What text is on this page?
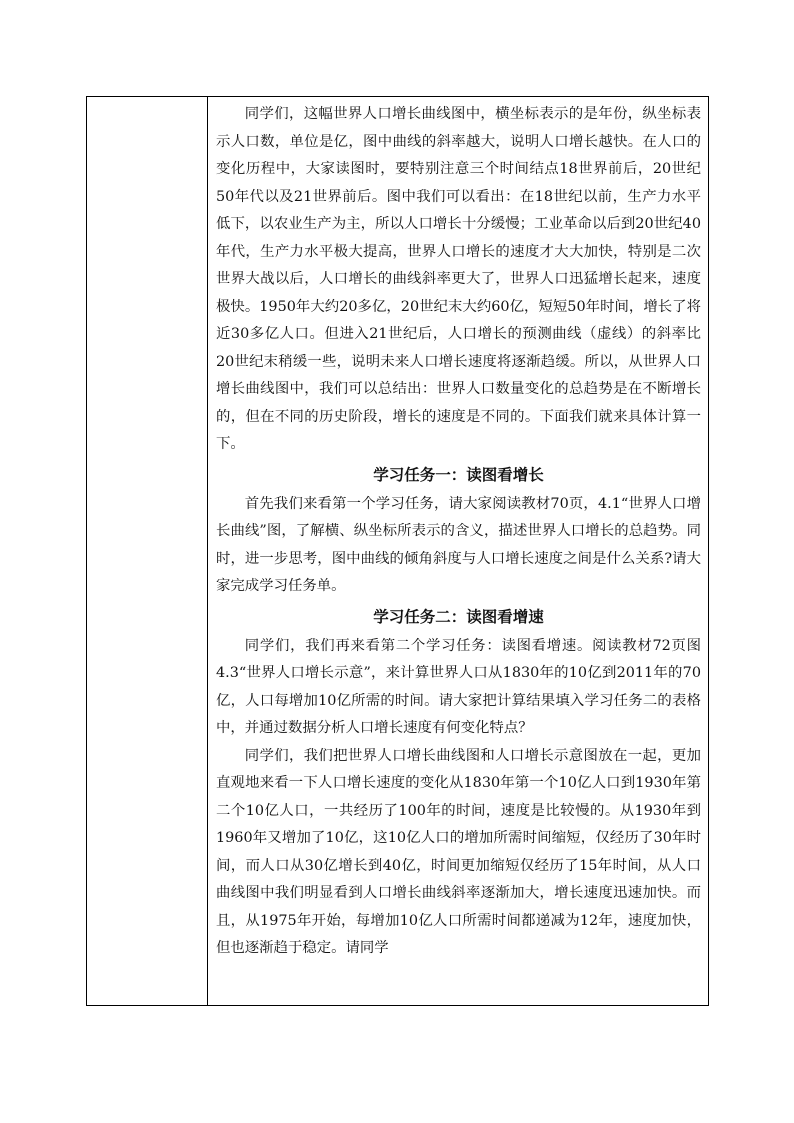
同学们，这幅世界人口增长曲线图中，横坐标表示的是年份，纵坐标表示人口数，单位是亿，图中曲线的斜率越大，说明人口增长越快。在人口的变化历程中，大家读图时，要特别注意三个时间结点18世界前后，20世纪50年代以及21世界前后。图中我们可以看出：在18世纪以前，生产力水平低下，以农业生产为主，所以人口增长十分缓慢；工业革命以后到20世纪40年代，生产力水平极大提高，世界人口增长的速度才大大加快，特别是二次世界大战以后，人口增长的曲线斜率更大了，世界人口迅猛增长起来，速度极快。1950年大约20多亿，20世纪末大约60亿，短短50年时间，增长了将近30多亿人口。但进入21世纪后，人口增长的预测曲线（虚线）的斜率比20世纪末稍缓一些，说明未来人口增长速度将逐渐趋缓。所以，从世界人口增长曲线图中，我们可以总结出：世界人口数量变化的总趋势是在不断增长的，但在不同的历史阶段，增长的速度是不同的。下面我们就来具体计算一下。

学习任务一：读图看增长

首先我们来看第一个学习任务，请大家阅读教材70页，4.1“世界人口增长曲线”图，了解横、纵坐标所表示的含义，描述世界人口增长的总趋势。同时，进一步思考，图中曲线的倾角斜度与人口增长速度之间是什么关系?请大家完成学习任务单。

学习任务二：读图看增速

同学们，我们再来看第二个学习任务：读图看增速。阅读教材72页图4.3“世界人口增长示意”，来计算世界人口从1830年的10亿到2011年的70亿，人口每增加10亿所需的时间。请大家把计算结果填入学习任务二的表格中，并通过数据分析人口增长速度有何变化特点？

同学们，我们把世界人口增长曲线图和人口增长示意图放在一起，更加直观地来看一下人口增长速度的变化从1830年第一个10亿人口到1930年第二个10亿人口，一共经历了100年的时间，速度是比较慢的。从1930年到1960年又增加了10亿，这10亿人口的增加所需时间缩短，仅经历了30年时间，而人口从30亿增长到40亿，时间更加缩短仅经历了15年时间，从人口曲线图中我们明显看到人口增长曲线斜率逐渐加大，增长速度迅速加快。而且，从1975年开始，每增加10亿人口所需时间都递减为12年，速度加快，但也逐渐趋于稳定。请同学
